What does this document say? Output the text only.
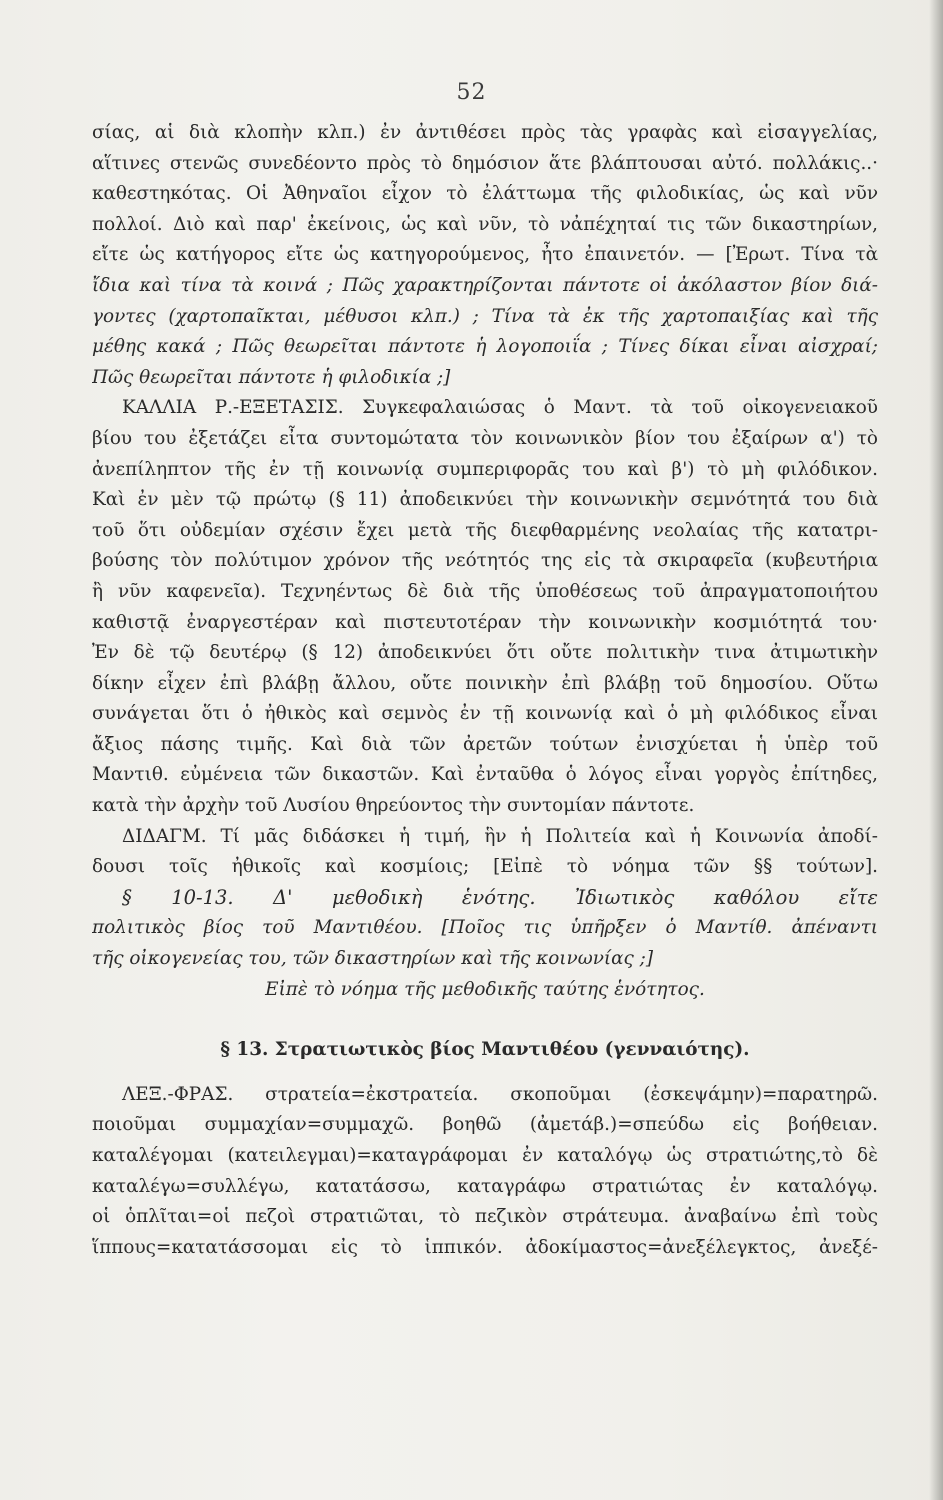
52
σίας, αἱ διὰ κλοπὴν κλπ.) ἐν ἀντιθέσει πρὸς τὰς γραφὰς καὶ εἰσαγγελίας,
αἵτινες στενῶς συνεδέοντο πρὸς τὸ δημόσιον ἅτε βλάπτουσαι αὐτό. πολλάκις..·
καθεστηκότας. Οἱ Ἀθηναῖοι εἶχον τὸ ἐλάττωμα τῆς φιλοδικίας, ὡς καὶ νῦν
πολλοί. Διὸ καὶ παρ' ἐκείνοις, ὡς καὶ νῦν, τὸ νἀπέχηταί τις τῶν δικαστηρίων,
εἴτε ὡς κατήγορος εἴτε ὡς κατηγορούμενος, ἦτο ἐπαινετόν. — [Ἐρωτ. Τίνα τὰ
ἴδια καὶ τίνα τὰ κοινά ; Πῶς χαρακτηρίζονται πάντοτε οἱ ἀκόλαστον βίον διά-
γοντες (χαρτοπαῖκται, μέθυσοι κλπ.) ; Τίνα τὰ ἐκ τῆς χαρτοπαιξίας καὶ τῆς
μέθης κακά ; Πῶς θεωρεῖται πάντοτε ἡ λογοποιΐα ; Τίνες δίκαι εἶναι αἰσχραί;
Πῶς θεωρεῖται πάντοτε ἡ φιλοδικία ;]
ΚΑΛΛΙΑ Ρ.-ΕΞΕΤΑΣΙΣ. Συγκεφαλαιώσας ὁ Μαντ. τὰ τοῦ οἰκογενειακοῦ
βίου του ἐξετάζει εἶτα συντομώτατα τὸν κοινωνικὸν βίον του ἐξαίρων α') τὸ
ἀνεπίληπτον τῆς ἐν τῇ κοινωνίᾳ συμπεριφορᾶς του καὶ β') τὸ μὴ φιλόδικον.
Καὶ ἐν μὲν τῷ πρώτῳ (§ 11) ἀποδεικνύει τὴν κοινωνικὴν σεμνότητά του διὰ
τοῦ ὅτι οὐδεμίαν σχέσιν ἔχει μετὰ τῆς διεφθαρμένης νεολαίας τῆς κατατρι-
βούσης τὸν πολύτιμον χρόνον τῆς νεότητός της εἰς τὰ σκιραφεῖα (κυβευτήρια
ἢ νῦν καφενεῖα). Τεχνηέντως δὲ διὰ τῆς ὑποθέσεως τοῦ ἀπραγματοποιήτου
καθιστᾷ ἐναργεστέραν καὶ πιστευτοτέραν τὴν κοινωνικὴν κοσμιότητά του·
Ἐν δὲ τῷ δευτέρῳ (§ 12) ἀποδεικνύει ὅτι οὔτε πολιτικὴν τινα ἀτιμωτικὴν
δίκην εἶχεν ἐπὶ βλάβῃ ἄλλου, οὔτε ποινικὴν ἐπὶ βλάβῃ τοῦ δημοσίου. Οὕτω
συνάγεται ὅτι ὁ ἠθικὸς καὶ σεμνὸς ἐν τῇ κοινωνίᾳ καὶ ὁ μὴ φιλόδικος εἶναι
ἄξιος πάσης τιμῆς. Καὶ διὰ τῶν ἀρετῶν τούτων ἐνισχύεται ἡ ὑπὲρ τοῦ
Μαντιθ. εὐμένεια τῶν δικαστῶν. Καὶ ἐνταῦθα ὁ λόγος εἶναι γοργὸς ἐπίτηδες,
κατὰ τὴν ἀρχὴν τοῦ Λυσίου θηρεύοντος τὴν συντομίαν πάντοτε.
ΔΙΔΑΓΜ. Τί μᾶς διδάσκει ἡ τιμή, ἣν ἡ Πολιτεία καὶ ἡ Κοινωνία ἀποδί-
δουσι τοῖς ἠθικοῖς καὶ κοσμίοις; [Εἰπὲ τὸ νόημα τῶν §§ τούτων].
§ 10-13. Δ' μεθοδικὴ ἑνότης. Ἰδιωτικὸς καθόλου εἴτε
πολιτικὸς βίος τοῦ Μαντιθέου. [Ποῖος τις ὑπῆρξεν ὁ Μαντίθ. ἀπέναντι
τῆς οἰκογενείας του, τῶν δικαστηρίων καὶ τῆς κοινωνίας ;]
Εἰπὲ τὸ νόημα τῆς μεθοδικῆς ταύτης ἑνότητος.
§ 13. Στρατιωτικὸς βίος Μαντιθέου (γενναιότης).
ΛΕΞ.-ΦΡΑΣ. στρατεία=ἐκστρατεία. σκοποῦμαι (ἐσκεψάμην)=παρατηρῶ.
ποιοῦμαι συμμαχίαν=συμμαχῶ. βοηθῶ (ἀμετάβ.)=σπεύδω εἰς βοήθειαν.
καταλέγομαι (κατειλεγμαι)=καταγράφομαι ἐν καταλόγῳ ὡς στρατιώτης,τὸ δὲ
καταλέγω=συλλέγω, κατατάσσω, καταγράφω στρατιώτας ἐν καταλόγῳ.
οἱ ὁπλῖται=οἱ πεζοὶ στρατιῶται, τὸ πεζικὸν στράτευμα. ἀναβαίνω ἐπὶ τοὺς
ἵππους=κατατάσσομαι εἰς τὸ ἱππικόν. ἀδοκίμαστος=ἀνεξέλεγκτος, ἀνεξέ-
